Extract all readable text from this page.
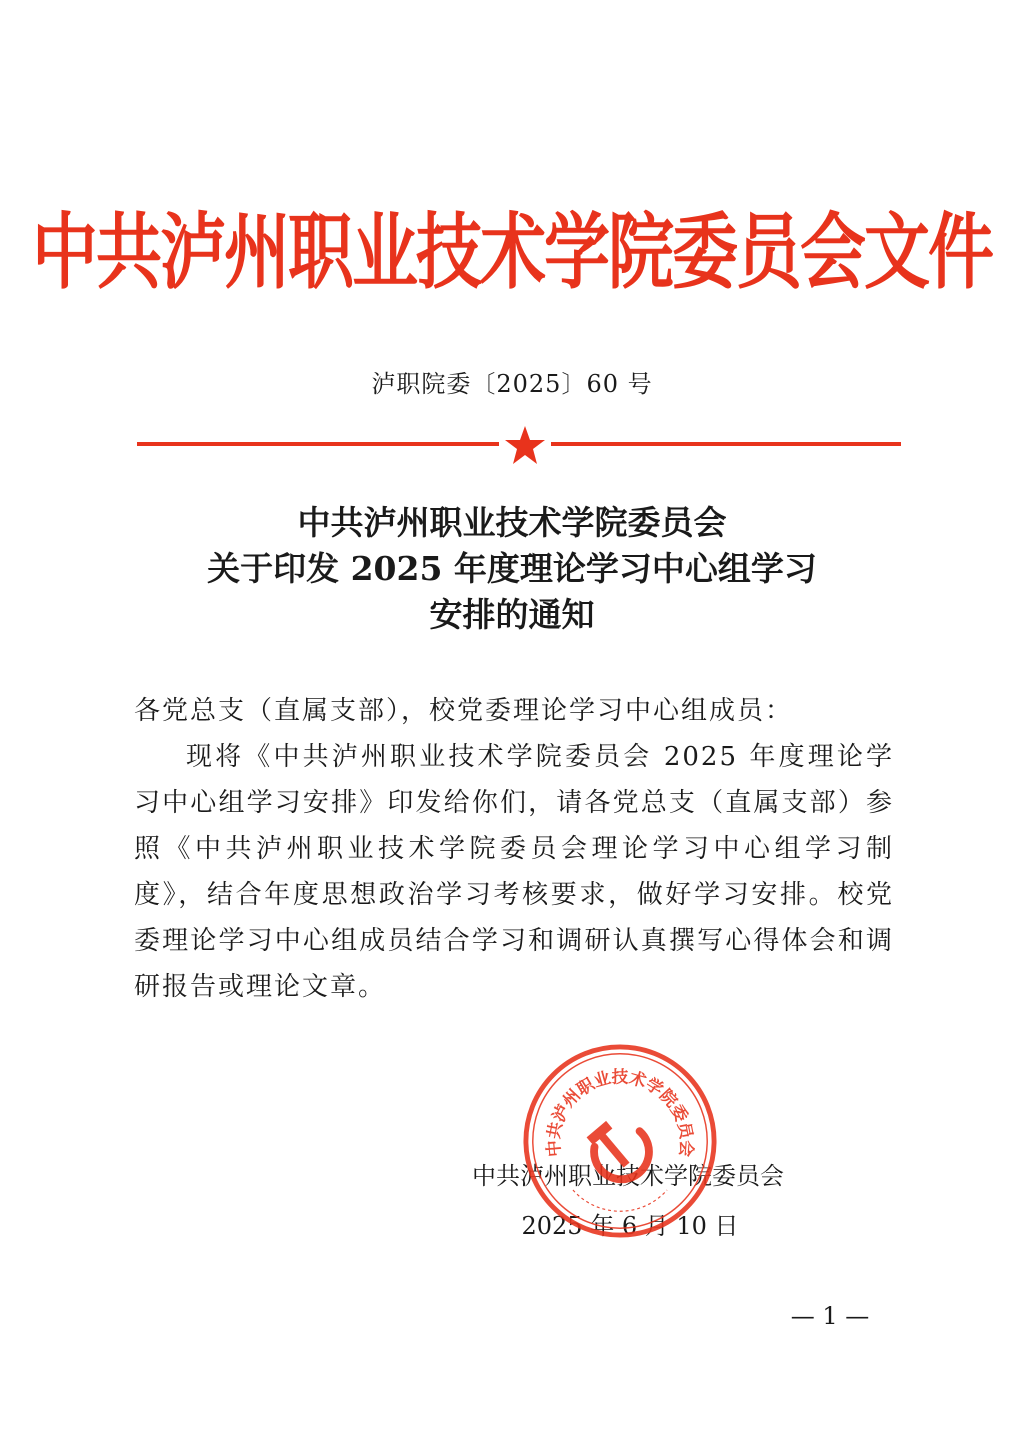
中共泸州职业技术学院委员会文件
泸职院委〔2025〕60 号
中共泸州职业技术学院委员会
关于印发 2025 年度理论学习中心组学习
安排的通知

各党总支（直属支部），校党委理论学习中心组成员：

现将《中共泸州职业技术学院委员会 2025 年度理论学习中心组学习安排》印发给你们，请各党总支（直属支部）参照《中共泸州职业技术学院委员会理论学习中心组学习制度》，结合年度思想政治学习考核要求，做好学习安排。校党委理论学习中心组成员结合学习和调研认真撰写心得体会和调研报告或理论文章。

中共泸州职业技术学院委员会
2025 年 6 月 10 日
中共泸州职业技术学院委员会
— 1 —
